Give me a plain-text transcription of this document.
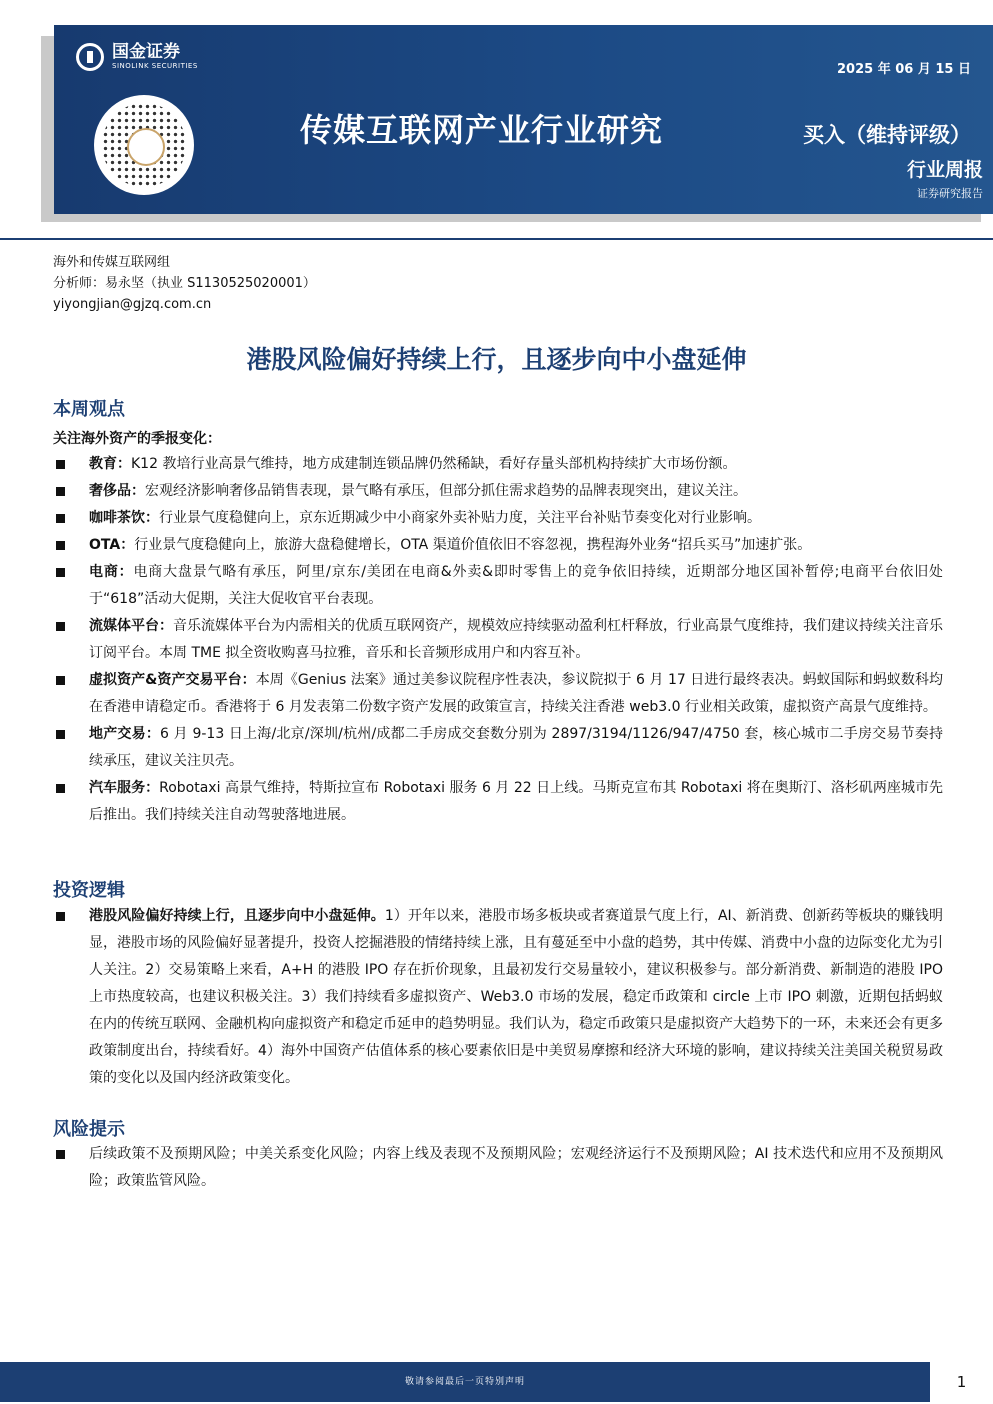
国金证券
SINOLINK SECURITIES	2025 年 06 月 15 日
传媒互联网产业行业研究	买入（维持评级）
行业周报
证券研究报告
海外和传媒互联网组
分析师：易永坚（执业 S1130525020001）
yiyongjian@gjzq.com.cn
港股风险偏好持续上行，且逐步向中小盘延伸
本周观点
关注海外资产的季报变化：
教育：K12 教培行业高景气维持，地方成建制连锁品牌仍然稀缺，看好存量头部机构持续扩大市场份额。
奢侈品：宏观经济影响奢侈品销售表现，景气略有承压，但部分抓住需求趋势的品牌表现突出，建议关注。
咖啡茶饮：行业景气度稳健向上，京东近期减少中小商家外卖补贴力度，关注平台补贴节奏变化对行业影响。
OTA：行业景气度稳健向上，旅游大盘稳健增长，OTA 渠道价值依旧不容忽视，携程海外业务“招兵买马”加速扩张。
电商：电商大盘景气略有承压，阿里/京东/美团在电商&外卖&即时零售上的竞争依旧持续，近期部分地区国补暂停;电商平台依旧处于“618”活动大促期，关注大促收官平台表现。
流媒体平台：音乐流媒体平台为内需相关的优质互联网资产，规模效应持续驱动盈利杠杆释放，行业高景气度维持，我们建议持续关注音乐订阅平台。本周 TME 拟全资收购喜马拉雅，音乐和长音频形成用户和内容互补。
虚拟资产&资产交易平台：本周《Genius 法案》通过美参议院程序性表决，参议院拟于 6 月 17 日进行最终表决。蚂蚁国际和蚂蚁数科均在香港申请稳定币。香港将于 6 月发表第二份数字资产发展的政策宣言，持续关注香港 web3.0 行业相关政策，虚拟资产高景气度维持。
地产交易：6 月 9-13 日上海/北京/深圳/杭州/成都二手房成交套数分别为 2897/3194/1126/947/4750 套，核心城市二手房交易节奏持续承压，建议关注贝壳。
汽车服务：Robotaxi 高景气维持，特斯拉宣布 Robotaxi 服务 6 月 22 日上线。马斯克宣布其 Robotaxi 将在奥斯汀、洛杉矶两座城市先后推出。我们持续关注自动驾驶落地进展。
投资逻辑
港股风险偏好持续上行，且逐步向中小盘延伸。1）开年以来，港股市场多板块或者赛道景气度上行，AI、新消费、创新药等板块的赚钱明显，港股市场的风险偏好显著提升，投资人挖掘港股的情绪持续上涨，且有蔓延至中小盘的趋势，其中传媒、消费中小盘的边际变化尤为引人关注。2）交易策略上来看，A+H 的港股 IPO 存在折价现象，且最初发行交易量较小，建议积极参与。部分新消费、新制造的港股 IPO 上市热度较高，也建议积极关注。3）我们持续看多虚拟资产、Web3.0 市场的发展，稳定币政策和 circle 上市 IPO 刺激，近期包括蚂蚁在内的传统互联网、金融机构向虚拟资产和稳定币延申的趋势明显。我们认为，稳定币政策只是虚拟资产大趋势下的一环，未来还会有更多政策制度出台，持续看好。4）海外中国资产估值体系的核心要素依旧是中美贸易摩擦和经济大环境的影响，建议持续关注美国关税贸易政策的变化以及国内经济政策变化。
风险提示
后续政策不及预期风险；中美关系变化风险；内容上线及表现不及预期风险；宏观经济运行不及预期风险；AI 技术迭代和应用不及预期风险；政策监管风险。
敬请参阅最后一页特别声明	1
